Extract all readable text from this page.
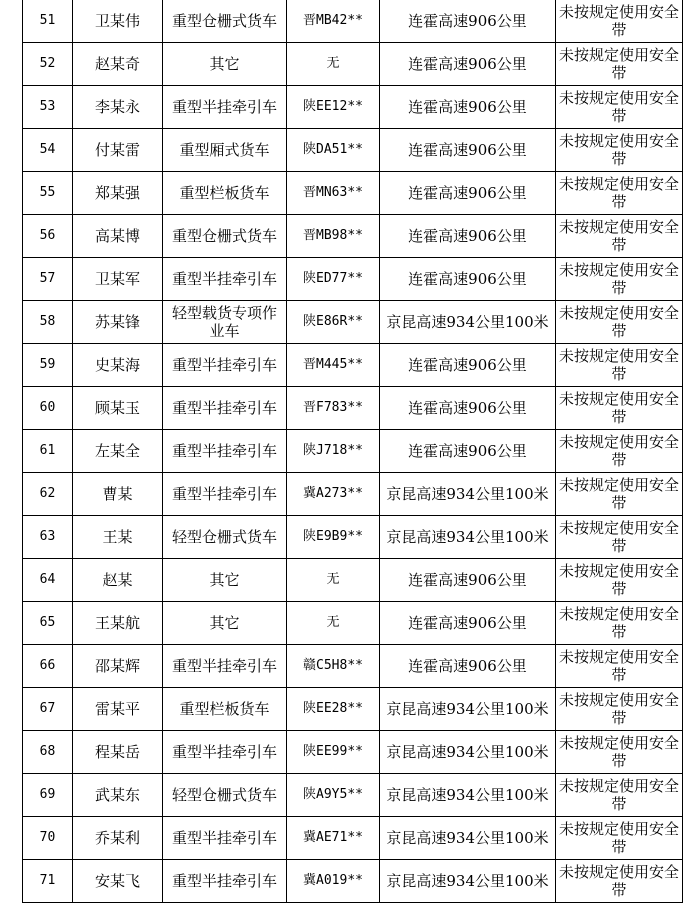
51	卫某伟	重型仓栅式货车	晋MB42**	连霍高速906公里	未按规定使用安全带
52	赵某奇	其它	无	连霍高速906公里	未按规定使用安全带
53	李某永	重型半挂牵引车	陕EE12**	连霍高速906公里	未按规定使用安全带
54	付某雷	重型厢式货车	陕DA51**	连霍高速906公里	未按规定使用安全带
55	郑某强	重型栏板货车	晋MN63**	连霍高速906公里	未按规定使用安全带
56	高某博	重型仓栅式货车	晋MB98**	连霍高速906公里	未按规定使用安全带
57	卫某军	重型半挂牵引车	陕ED77**	连霍高速906公里	未按规定使用安全带
58	苏某锋	轻型载货专项作业车	陕E86R**	京昆高速934公里100米	未按规定使用安全带
59	史某海	重型半挂牵引车	晋M445**	连霍高速906公里	未按规定使用安全带
60	顾某玉	重型半挂牵引车	晋F783**	连霍高速906公里	未按规定使用安全带
61	左某全	重型半挂牵引车	陕J718**	连霍高速906公里	未按规定使用安全带
62	曹某	重型半挂牵引车	冀A273**	京昆高速934公里100米	未按规定使用安全带
63	王某	轻型仓栅式货车	陕E9B9**	京昆高速934公里100米	未按规定使用安全带
64	赵某	其它	无	连霍高速906公里	未按规定使用安全带
65	王某航	其它	无	连霍高速906公里	未按规定使用安全带
66	邵某辉	重型半挂牵引车	赣C5H8**	连霍高速906公里	未按规定使用安全带
67	雷某平	重型栏板货车	陕EE28**	京昆高速934公里100米	未按规定使用安全带
68	程某岳	重型半挂牵引车	陕EE99**	京昆高速934公里100米	未按规定使用安全带
69	武某东	轻型仓栅式货车	陕A9Y5**	京昆高速934公里100米	未按规定使用安全带
70	乔某利	重型半挂牵引车	冀AE71**	京昆高速934公里100米	未按规定使用安全带
71	安某飞	重型半挂牵引车	冀A019**	京昆高速934公里100米	未按规定使用安全带
